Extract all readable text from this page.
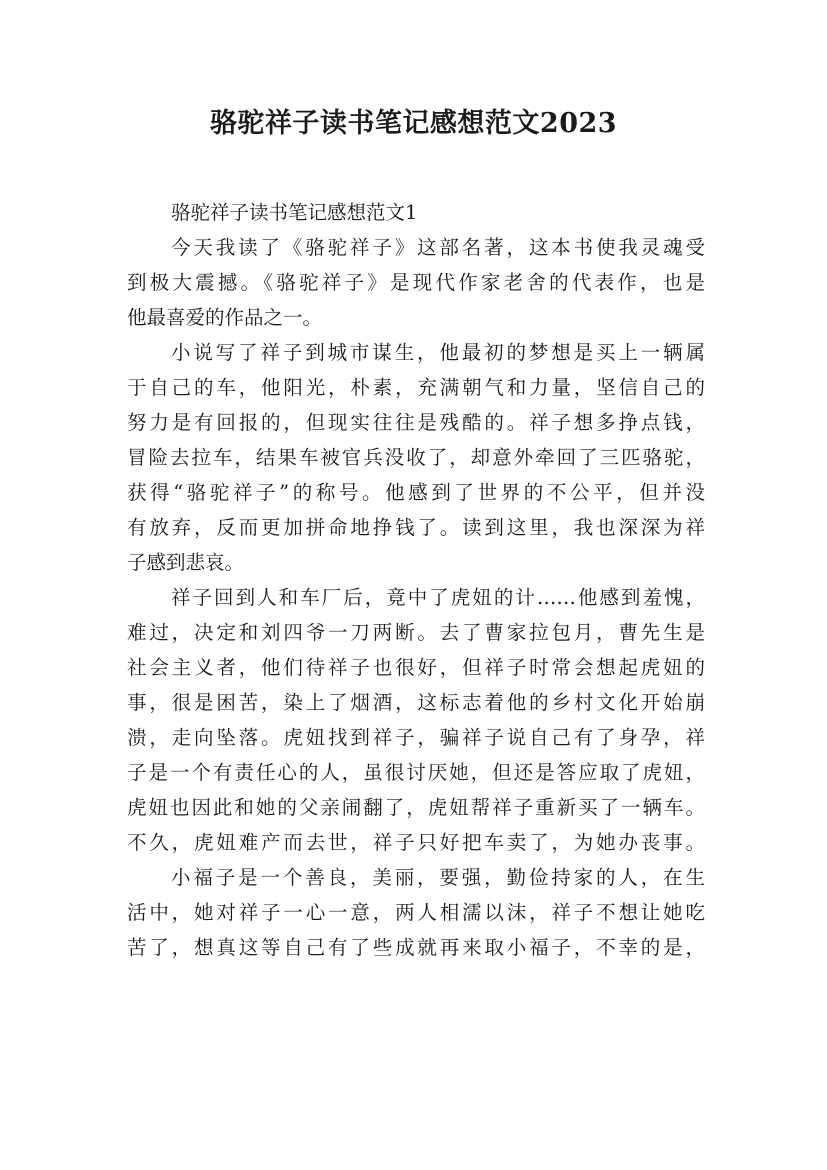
骆驼祥子读书笔记感想范文2023

骆驼祥子读书笔记感想范文1

今天我读了《骆驼祥子》这部名著，这本书使我灵魂受

到极大震撼。《骆驼祥子》是现代作家老舍的代表作，也是

他最喜爱的作品之一。

小说写了祥子到城市谋生，他最初的梦想是买上一辆属

于自己的车，他阳光，朴素，充满朝气和力量，坚信自己的

努力是有回报的，但现实往往是残酷的。祥子想多挣点钱，

冒险去拉车，结果车被官兵没收了，却意外牵回了三匹骆驼，

获得“骆驼祥子”的称号。他感到了世界的不公平，但并没

有放弃，反而更加拼命地挣钱了。读到这里，我也深深为祥

子感到悲哀。

祥子回到人和车厂后，竟中了虎妞的计……他感到羞愧，

难过，决定和刘四爷一刀两断。去了曹家拉包月，曹先生是

社会主义者，他们待祥子也很好，但祥子时常会想起虎妞的

事，很是困苦，染上了烟酒，这标志着他的乡村文化开始崩

溃，走向坠落。虎妞找到祥子，骗祥子说自己有了身孕，祥

子是一个有责任心的人，虽很讨厌她，但还是答应取了虎妞，

虎妞也因此和她的父亲闹翻了，虎妞帮祥子重新买了一辆车。

不久，虎妞难产而去世，祥子只好把车卖了，为她办丧事。

小福子是一个善良，美丽，要强，勤俭持家的人，在生

活中，她对祥子一心一意，两人相濡以沫，祥子不想让她吃

苦了，想真这等自己有了些成就再来取小福子，不幸的是，
